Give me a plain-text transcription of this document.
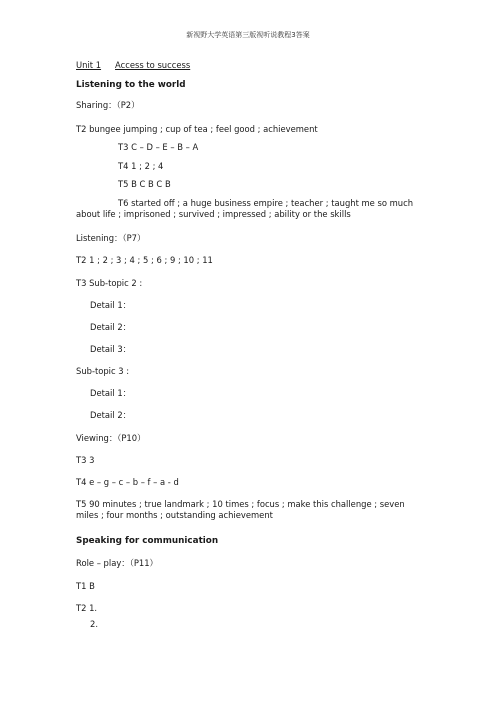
新视野大学英语第三版视听说教程3答案
Unit 1 Access to success
Listening to the world
Sharing：（P2）
T2 bungee jumping ; cup of tea ; feel good ; achievement
T3 C – D – E – B – A
T4 1 ; 2 ; 4
T5 B C B C B
T6 started off ; a huge business empire ; teacher ; taught me so much
about life ; imprisoned ; survived ; impressed ; ability or the skills
Listening：（P7）
T2 1 ; 2 ; 3 ; 4 ; 5 ; 6 ; 9 ; 10 ; 11
T3 Sub-topic 2 :
Detail 1：
Detail 2：
Detail 3：
Sub-topic 3 :
Detail 1：
Detail 2：
Viewing：（P10）
T3 3
T4 e – g – c – b – f – a - d
T5 90 minutes ; true landmark ; 10 times ; focus ; make this challenge ; seven
miles ; four months ; outstanding achievement
Speaking for communication
Role – play：（P11）
T1 B
T2 1.
2.
